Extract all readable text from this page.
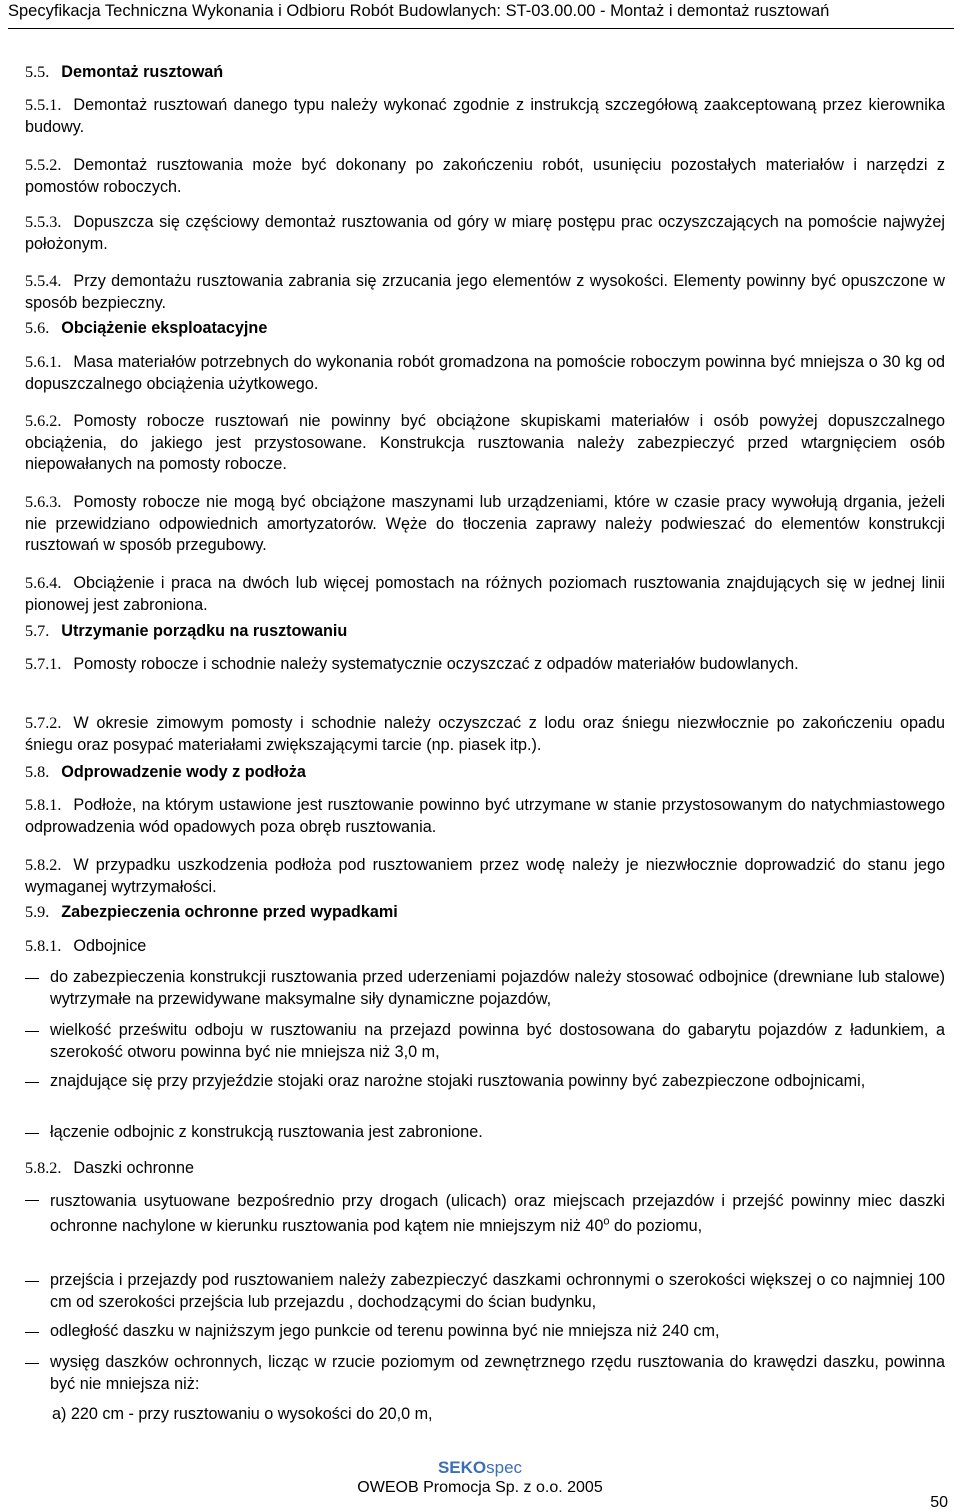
Specyfikacja Techniczna Wykonania i Odbioru Robót Budowlanych: ST-03.00.00 - Montaż i demontaż rusztowań
5.5. Demontaż rusztowań
5.5.1. Demontaż rusztowań danego typu należy wykonać zgodnie z instrukcją szczegółową zaakceptowaną przez kierownika budowy.
5.5.2. Demontaż rusztowania może być dokonany po zakończeniu robót, usunięciu pozostałych materiałów i narzędzi z pomostów roboczych.
5.5.3. Dopuszcza się częściowy demontaż rusztowania od góry w miarę postępu prac oczyszczających na pomoście najwyżej położonym.
5.5.4. Przy demontażu rusztowania zabrania się zrzucania jego elementów z wysokości. Elementy powinny być opuszczone w sposób bezpieczny.
5.6. Obciążenie eksploatacyjne
5.6.1. Masa materiałów potrzebnych do wykonania robót gromadzona na pomoście roboczym powinna być mniejsza o 30 kg od dopuszczalnego obciążenia użytkowego.
5.6.2. Pomosty robocze rusztowań nie powinny być obciążone skupiskami materiałów i osób powyżej dopuszczalnego obciążenia, do jakiego jest przystosowane. Konstrukcja rusztowania należy zabezpieczyć przed wtargnięciem osób niepowałanych na pomosty robocze.
5.6.3. Pomosty robocze nie mogą być obciążone maszynami lub urządzeniami, które w czasie pracy wywołują drgania, jeżeli nie przewidziano odpowiednich amortyzatorów. Węże do tłoczenia zaprawy należy podwieszać do elementów konstrukcji rusztowań w sposób przegubowy.
5.6.4. Obciążenie i praca na dwóch lub więcej pomostach na różnych poziomach rusztowania znajdujących się w jednej linii pionowej jest zabroniona.
5.7. Utrzymanie porządku na rusztowaniu
5.7.1. Pomosty robocze i schodnie należy systematycznie oczyszczać z odpadów materiałów budowlanych.
5.7.2. W okresie zimowym pomosty i schodnie należy oczyszczać z lodu oraz śniegu niezwłocznie po zakończeniu opadu śniegu oraz posypać materiałami zwiększającymi tarcie (np. piasek itp.).
5.8. Odprowadzenie wody z podłoża
5.8.1. Podłoże, na którym ustawione jest rusztowanie powinno być utrzymane w stanie przystosowanym do natychmiastowego odprowadzenia wód opadowych poza obręb rusztowania.
5.8.2. W przypadku uszkodzenia podłoża pod rusztowaniem przez wodę należy je niezwłocznie doprowadzić do stanu jego wymaganej wytrzymałości.
5.9. Zabezpieczenia ochronne przed wypadkami
5.8.1. Odbojnice
do zabezpieczenia konstrukcji rusztowania przed uderzeniami pojazdów należy stosować odbojnice (drewniane lub stalowe) wytrzymałe na przewidywane maksymalne siły dynamiczne pojazdów,
wielkość prześwitu odboju w rusztowaniu na przejazd powinna być dostosowana do gabarytu pojazdów z ładunkiem, a szerokość otworu powinna być nie mniejsza niż 3,0 m,
znajdujące się przy przyjeździe stojaki oraz narożne stojaki rusztowania powinny być zabezpieczone odbojnicami,
łączenie odbojnic z konstrukcją rusztowania jest zabronione.
5.8.2. Daszki ochronne
rusztowania usytuowane bezpośrednio przy drogach (ulicach) oraz miejscach przejazdów i przejść powinny miec daszki ochronne nachylone w kierunku rusztowania pod kątem nie mniejszym niż 40$^o$ do poziomu,
przejścia i przejazdy pod rusztowaniem należy zabezpieczyć daszkami ochronnymi o szerokości większej o co najmniej 100 cm od szerokości przejścia lub przejazdu , dochodzącymi do ścian budynku,
odległość daszku w najniższym jego punkcie od terenu powinna być nie mniejsza niż 240 cm,
wysięg daszków ochronnych, licząc w rzucie poziomym od zewnętrznego rzędu rusztowania do krawędzi daszku, powinna być nie mniejsza niż:
a) 220 cm - przy rusztowaniu o wysokości do 20,0 m,
SEKOspec
OWEOB Promocja Sp. z o.o. 2005
50
